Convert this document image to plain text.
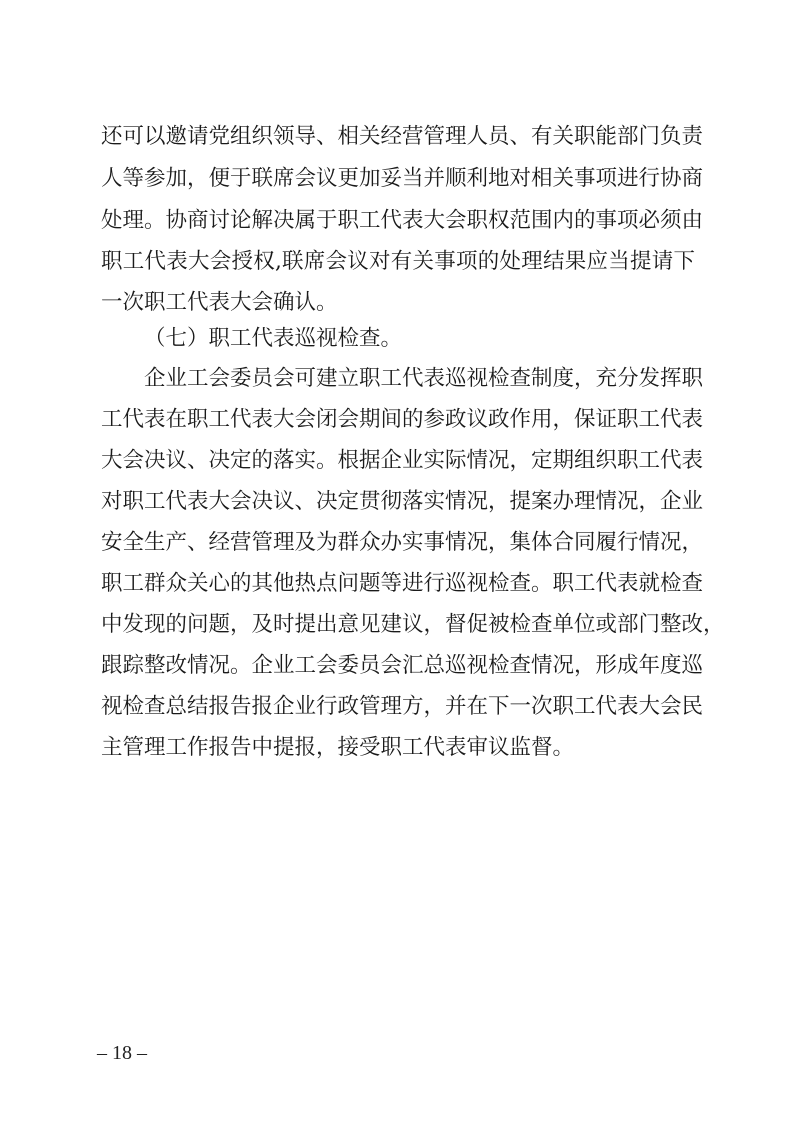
还可以邀请党组织领导、相关经营管理人员、有关职能部门负责

人等参加，便于联席会议更加妥当并顺利地对相关事项进行协商

处理。协商讨论解决属于职工代表大会职权范围内的事项必须由

职工代表大会授权,联席会议对有关事项的处理结果应当提请下

一次职工代表大会确认。

（七）职工代表巡视检查。

企业工会委员会可建立职工代表巡视检查制度，充分发挥职

工代表在职工代表大会闭会期间的参政议政作用，保证职工代表

大会决议、决定的落实。根据企业实际情况，定期组织职工代表

对职工代表大会决议、决定贯彻落实情况，提案办理情况，企业

安全生产、经营管理及为群众办实事情况，集体合同履行情况，

职工群众关心的其他热点问题等进行巡视检查。职工代表就检查

中发现的问题，及时提出意见建议，督促被检查单位或部门整改，

跟踪整改情况。企业工会委员会汇总巡视检查情况，形成年度巡

视检查总结报告报企业行政管理方，并在下一次职工代表大会民

主管理工作报告中提报，接受职工代表审议监督。

– 18 –
